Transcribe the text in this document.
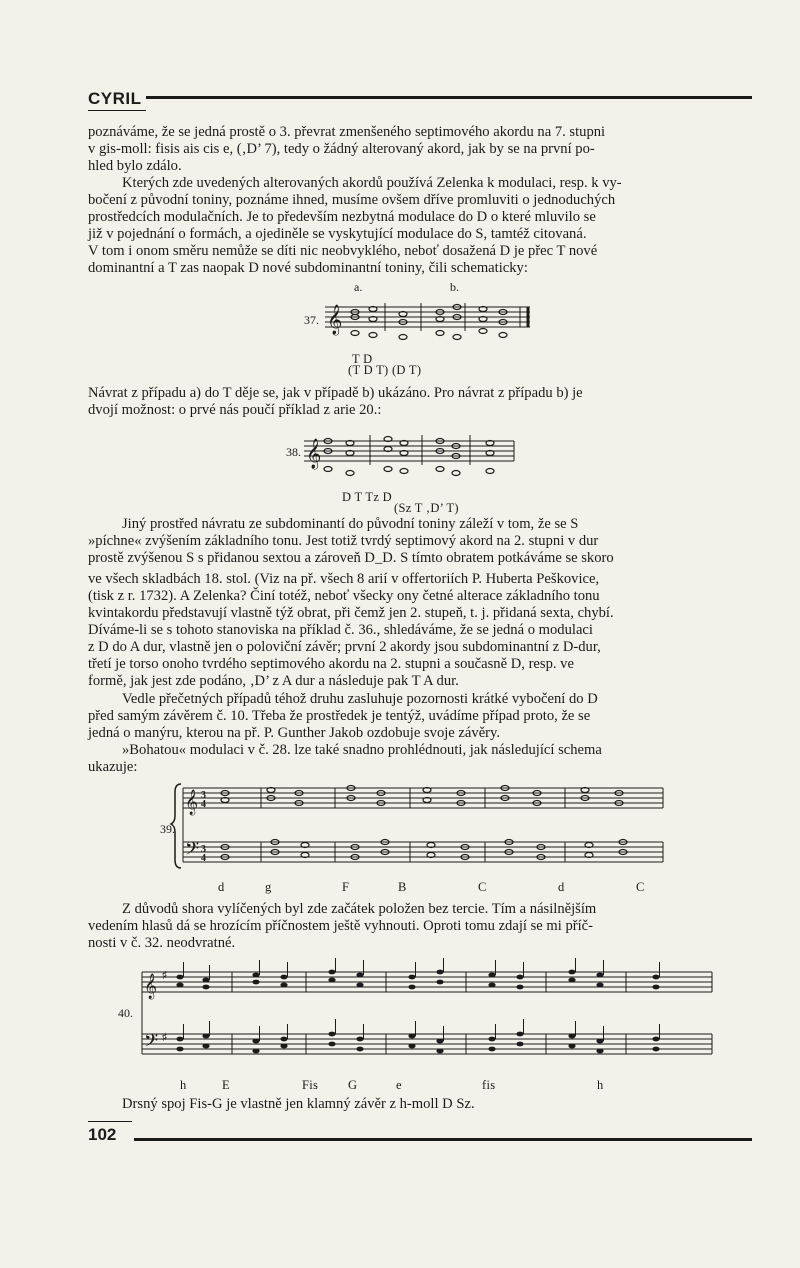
CYRIL
poznáváme, že se jedná prostě o 3. převrat zmenšeného septimového akordu na 7. stupni
v gis-moll: fisis ais cis e, (‚D’ 7), tedy o žádný alterovaný akord, jak by se na první po-
hled bylo zdálo.
Kterých zde uvedených alterovaných akordů používá Zelenka k modulaci, resp. k vy-
bočení z původní toniny, poznáme ihned, musíme ovšem dříve promluviti o jednoduchých
prostředcích modulačních. Je to především nezbytná modulace do D o které mluvilo se
již v pojednání o formách, a ojediněle se vyskytující modulace do S, tamtéž citovaná.
V tom i onom směru nemůže se díti nic neobvyklého, neboť dosažená D je přec T nové
dominantní a T zas naopak D nové subdominantní toniny, čili schematicky:
a.	b.
37. 𝄞
T D
(T D T) (D T)
Návrat z případu a) do T děje se, jak v případě b) ukázáno. Pro návrat z případu b) je
dvojí možnost: o prvé nás poučí příklad z arie 20.:
38. 𝄞
D T Tz D
(Sz T ‚D’ T)
Jiný prostřed návratu ze subdominantí do původní toniny záleží v tom, že se S
»píchne« zvýšením základního tonu. Jest totiž tvrdý septimový akord na 2. stupni v dur
prostě zvýšenou S s přidanou sextou a zároveň D_D. S tímto obratem potkáváme se skoro
ve všech skladbách 18. stol. (Viz na př. všech 8 arií v offertoriích P. Huberta Peškovice,
(tisk z r. 1732). A Zelenka? Činí totéž, neboť všecky ony četné alterace základního tonu
kvintakordu představují vlastně týž obrat, při čemž jen 2. stupeň, t. j. přidaná sexta, chybí.
Díváme-li se s tohoto stanoviska na příklad č. 36., shledáváme, že se jedná o modulaci
z D do A dur, vlastně jen o poloviční závěr; první 2 akordy jsou subdominantní z D-dur,
třetí je torso onoho tvrdého septimového akordu na 2. stupni a současně D, resp. ve
formě, jak jest zde podáno, ‚D’ z A dur a následuje pak T A dur.
Vedle přečetných případů téhož druhu zasluhuje pozornosti krátké vybočení do D
před samým závěrem č. 10. Třeba že prostředek je tentýž, uvádíme případ proto, že se
jedná o manýru, kterou na př. P. Gunther Jakob ozdobuje svoje závěry.
»Bohatou« modulaci v č. 28. lze také snadno prohlédnouti, jak následující schema
ukazuje:
39.
𝄞
𝄢
3
4
3
4
d	g	F	B	C	d	C
Z důvodů shora vylíčených byl zde začátek položen bez tercie. Tím a násilnějším
vedením hlasů dá se hrozícím příčnostem ještě vyhnouti. Oproti tomu zdají se mi příč-
nosti v č. 32. neodvratné.
40.
𝄞
𝄢
♯
♯
h	E	Fis G	e	fis	h
Drsný spoj Fis-G je vlastně jen klamný závěr z h-moll D Sz.
102
